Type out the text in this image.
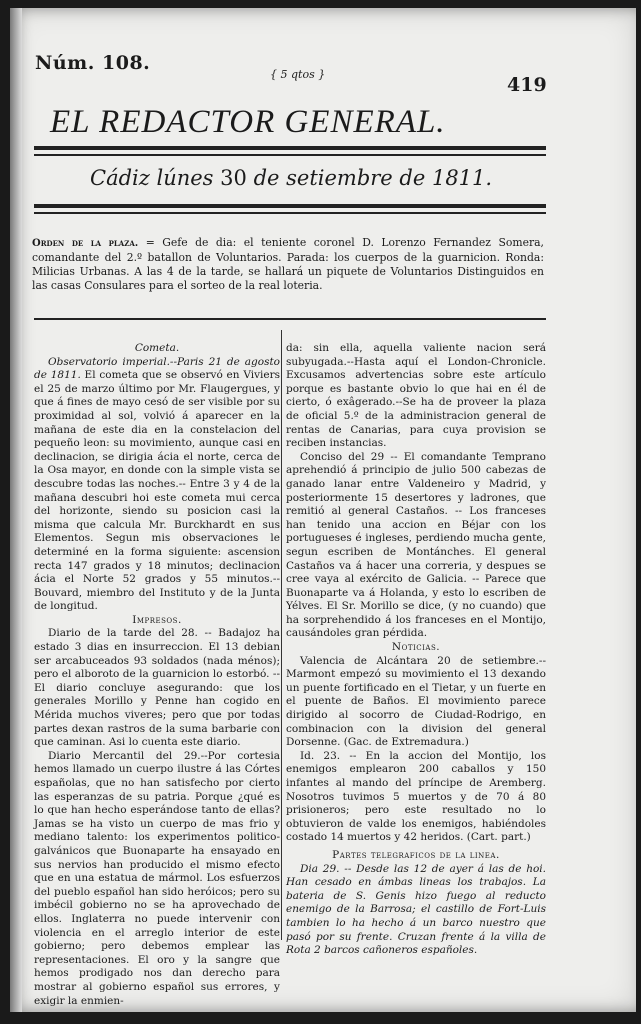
Núm. 108.
{ 5 qtos }	419
EL REDACTOR GENERAL.
Cádiz lúnes 30 de setiembre de 1811.
Orden de la plaza. = Gefe de dia: el teniente coronel D. Lorenzo Fernandez Somera, comandante del 2.º batallon de Voluntarios. Parada: los cuerpos de la guarnicion. Ronda: Milicias Urbanas. A las 4 de la tarde, se hallará un piquete de Voluntarios Distinguidos en las casas Consulares para el sorteo de la real loteria.

Cometa.

Observatorio imperial.--Paris 21 de agosto de 1811. El cometa que se observó en Viviers el 25 de marzo último por Mr. Flaugergues, y que á fines de mayo cesó de ser visible por su proximidad al sol, volvió á aparecer en la mañana de este dia en la constelacion del pequeño leon: su movimiento, aunque casi en declinacion, se dirigia ácia el norte, cerca de la Osa mayor, en donde con la simple vista se descubre todas las noches.-- Entre 3 y 4 de la mañana descubri hoi este cometa mui cerca del horizonte, siendo su posicion casi la misma que calcula Mr. Burckhardt en sus Elementos. Segun mis observaciones le determiné en la forma siguiente: ascension recta 147 grados y 18 minutos; declinacion ácia el Norte 52 grados y 55 minutos.-- Bouvard, miembro del Instituto y de la Junta de longitud.

Impresos.

Diario de la tarde del 28. -- Badajoz ha estado 3 dias en insurreccion. El 13 debian ser arcabuceados 93 soldados (nada ménos); pero el alboroto de la guarnicion lo estorbó. -- El diario concluye asegurando: que los generales Morillo y Penne han cogido en Mérida muchos viveres; pero que por todas partes dexan rastros de la suma barbarie con que caminan. Asi lo cuenta este diario.

Diario Mercantil del 29.--Por cortesia hemos llamado un cuerpo ilustre á las Córtes españolas, que no han satisfecho por cierto las esperanzas de su patria. Porque ¿qué es lo que han hecho esperándose tanto de ellas? Jamas se ha visto un cuerpo de mas frio y mediano talento: los experimentos politico-galvánicos que Buonaparte ha ensayado en sus nervios han producido el mismo efecto que en una estatua de mármol. Los esfuerzos del pueblo español han sido heróicos; pero su imbécil gobierno no se ha aprovechado de ellos. Inglaterra no puede intervenir con violencia en el arreglo interior de este gobierno; pero debemos emplear las representaciones. El oro y la sangre que hemos prodigado nos dan derecho para mostrar al gobierno español sus errores, y exigir la enmien-

da: sin ella, aquella valiente nacion será subyugada.--Hasta aquí el London-Chronicle. Excusamos advertencias sobre este artículo porque es bastante obvio lo que hai en él de cierto, ó exâgerado.--Se ha de proveer la plaza de oficial 5.º de la administracion general de rentas de Canarias, para cuya provision se reciben instancias.

Conciso del 29 -- El comandante Temprano aprehendió á principio de julio 500 cabezas de ganado lanar entre Valdeneiro y Madrid, y posteriormente 15 desertores y ladrones, que remitió al general Castaños. -- Los franceses han tenido una accion en Béjar con los portugueses é ingleses, perdiendo mucha gente, segun escriben de Montánches. El general Castaños va á hacer una correria, y despues se cree vaya al exército de Galicia. -- Parece que Buonaparte va á Holanda, y esto lo escriben de Yélves. El Sr. Morillo se dice, (y no cuando) que ha sorprehendido á los franceses en el Montijo, causándoles gran pérdida.

Noticias.

Valencia de Alcántara 20 de setiembre.-- Marmont empezó su movimiento el 13 dexando un puente fortificado en el Tietar, y un fuerte en el puente de Baños. El movimiento parece dirigido al socorro de Ciudad-Rodrigo, en combinacion con la division del general Dorsenne. (Gac. de Extremadura.)

Id. 23. -- En la accion del Montijo, los enemigos emplearon 200 caballos y 150 infantes al mando del príncipe de Aremberg. Nosotros tuvimos 5 muertos y de 70 á 80 prisioneros; pero este resultado no lo obtuvieron de valde los enemigos, habiéndoles costado 14 muertos y 42 heridos. (Cart. part.)

Partes telegraficos de la linea.

Dia 29. -- Desde las 12 de ayer á las de hoi. Han cesado en ámbas lineas los trabajos. La bateria de S. Genis hizo fuego al reducto enemigo de la Barrosa; el castillo de Fort-Luis tambien lo ha hecho á un barco nuestro que pasó por su frente. Cruzan frente á la villa de Rota 2 barcos cañoneros españoles.
